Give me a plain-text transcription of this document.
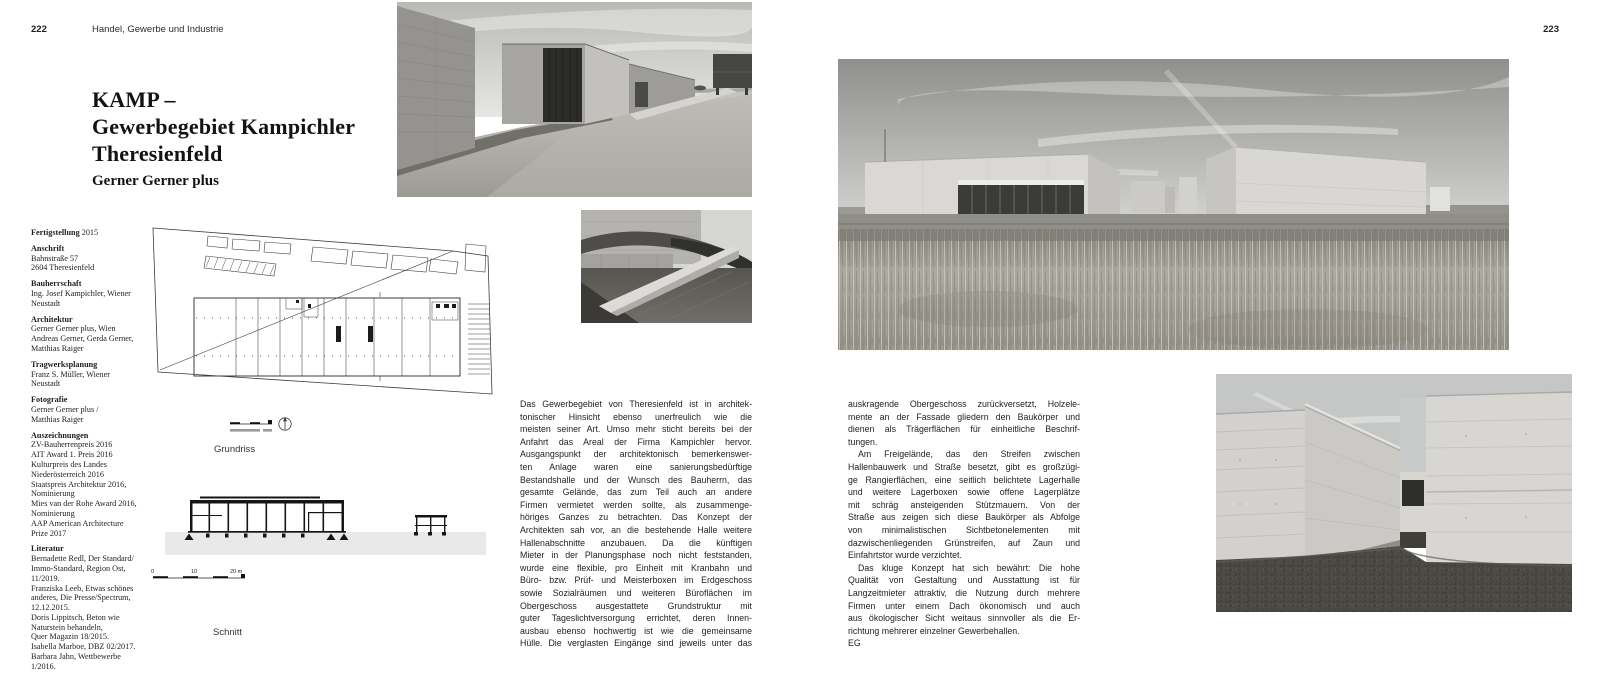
222	Handel, Gewerbe und Industrie
KAMP –
Gewerbegebiet Kampichler
Theresienfeld
Gerner Gerner plus
Fertigstellung 2015
Anschrift
Bahnstraße 57
2604 Theresienfeld
Bauherrschaft
Ing. Josef Kampichler, Wiener
Neustadt
Architektur
Gerner Gerner plus, Wien
Andreas Gerner, Gerda Gerner,
Matthias Raiger
Tragwerksplanung
Franz S. Müller, Wiener
Neustadt
Fotografie
Gerner Gerner plus /
Matthias Raiger
Auszeichnungen
ZV-Bauherrenpreis 2016
AIT Award 1. Preis 2016
Kulturpreis des Landes
Niederösterreich 2016
Staatspreis Architektur 2016,
Nominierung
Mies van der Rohe Award 2016,
Nominierung
AAP American Architecture
Prize 2017
Literatur
Bernadette Redl, Der Standard/
Immo-Standard, Region Ost,
11/2019.
Franziska Leeb, Etwas schönes
anderes, Die Presse/Spectrum,
12.12.2015.
Doris Lippitsch, Beton wie
Naturstein behandeln,
Quer Magazin 18/2015.
Isabella Marboe, DBZ 02/2017.
Barbara Jahn, Wettbewerbe
1/2016.
Grundriss
0	10	20 m
Schnitt
Das Gewerbegebiet von Theresienfeld ist in architek-
tonischer Hinsicht ebenso unerfreulich wie die
meisten seiner Art. Umso mehr sticht bereits bei der
Anfahrt das Areal der Firma Kampichler hervor.
Ausgangspunkt der architektonisch bemerkenswer-
ten Anlage waren eine sanierungsbedürftige
Bestandshalle und der Wunsch des Bauherrn, das
gesamte Gelände, das zum Teil auch an andere
Firmen vermietet werden sollte, als zusammenge-
höriges Ganzes zu betrachten. Das Konzept der
Architekten sah vor, an die bestehende Halle weitere
Hallenabschnitte anzubauen. Da die künftigen
Mieter in der Planungsphase noch nicht feststanden,
wurde eine flexible, pro Einheit mit Kranbahn und
Büro- bzw. Prüf- und Meisterboxen im Erdgeschoss
sowie Sozialräumen und weiteren Büroflächen im
Obergeschoss ausgestattete Grundstruktur mit
guter Tageslichtversorgung errichtet, deren Innen-
ausbau ebenso hochwertig ist wie die gemeinsame
Hülle. Die verglasten Eingänge sind jeweils unter das
223
auskragende Obergeschoss zurückversetzt, Holzele-
mente an der Fassade gliedern den Baukörper und
dienen als Trägerflächen für einheitliche Beschrif-
tungen.
Am Freigelände, das den Streifen zwischen
Hallenbauwerk und Straße besetzt, gibt es großzügi-
ge Rangierflächen, eine seitlich belichtete Lagerhalle
und weitere Lagerboxen sowie offene Lagerplätze
mit schräg ansteigenden Stützmauern. Von der
Straße aus zeigen sich diese Baukörper als Abfolge
von minimalistischen Sichtbetonelementen mit
dazwischenliegenden Grünstreifen, auf Zaun und
Einfahrtstor wurde verzichtet.
Das kluge Konzept hat sich bewährt: Die hohe
Qualität von Gestaltung und Ausstattung ist für
Langzeitmieter attraktiv, die Nutzung durch mehrere
Firmen unter einem Dach ökonomisch und auch
aus ökologischer Sicht weitaus sinnvoller als die Er-
richtung mehrerer einzelner Gewerbehallen.
EG
